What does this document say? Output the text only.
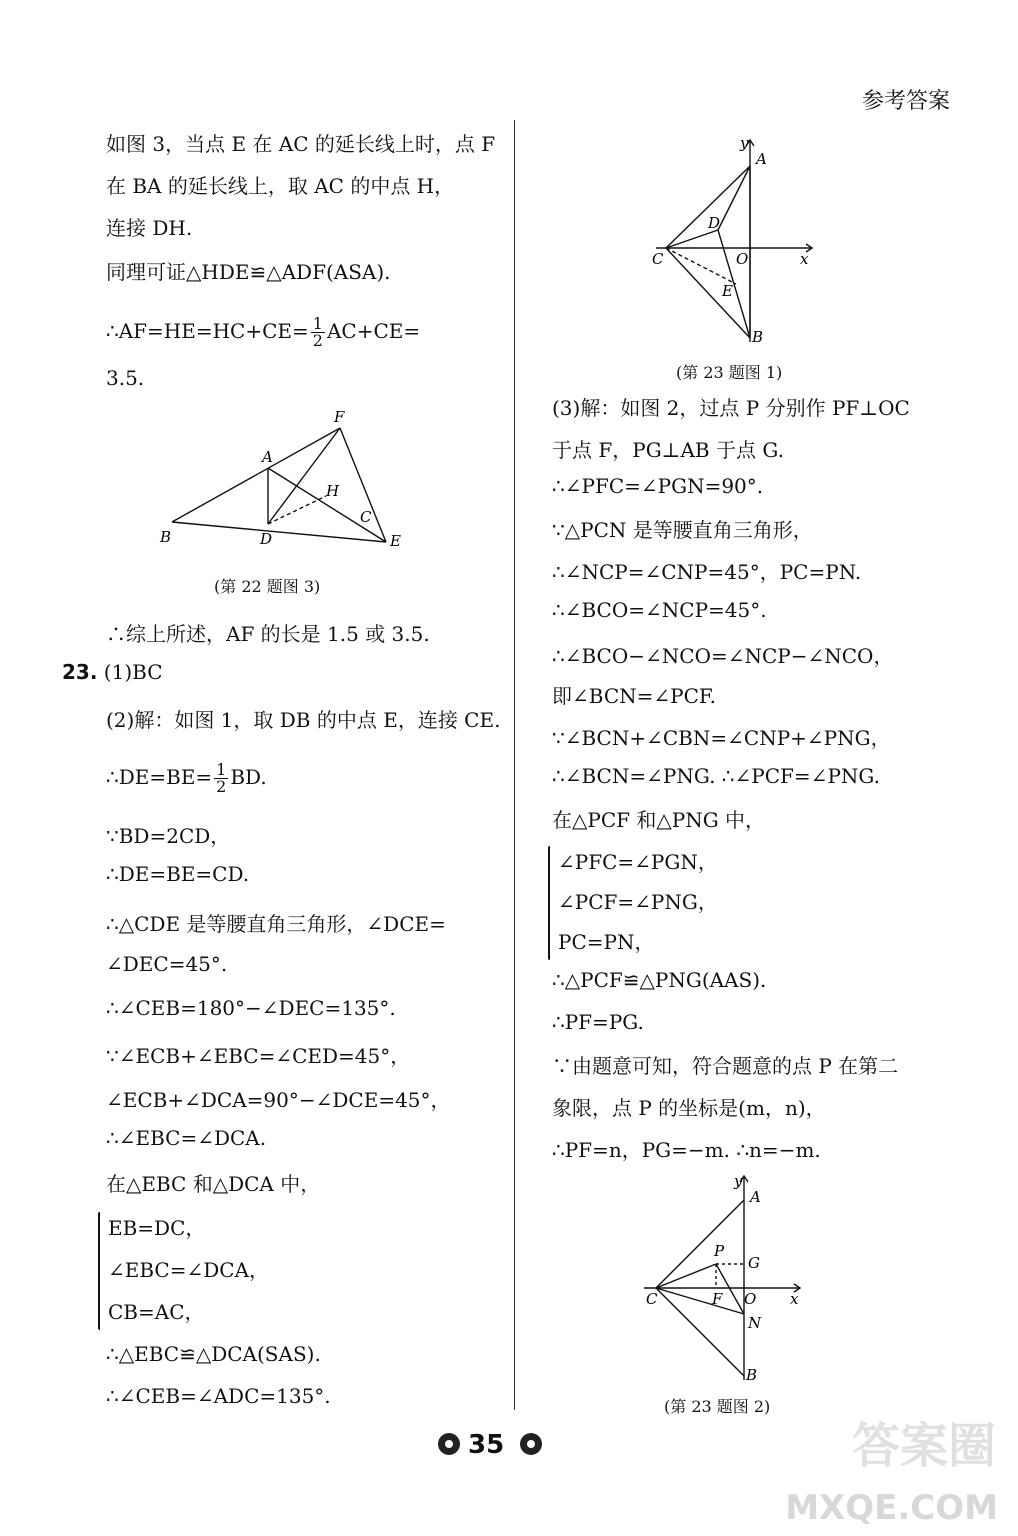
参考答案
如图 3，当点 E 在 AC 的延长线上时，点 F
在 BA 的延长线上，取 AC 的中点 H，
连接 DH.
同理可证△HDE≌△ADF(ASA).
∴AF=HE=HC+CE= $\frac{1}{2} AC+CE=$
3.5.
F
A
H
C
B	D	E
(第 22 题图 3)
∴综上所述，AF 的长是 1.5 或 3.5.
23. (1)BC
(2)解：如图 1，取 DB 的中点 E，连接 CE.
∴DE=BE= $\frac{1}{2}$ BD.
∵BD=2CD，
∴DE=BE=CD.
∴△CDE 是等腰直角三角形，∠DCE=
∠DEC=45°.
∴∠CEB=180°−∠DEC=135°.
∵∠ECB+∠EBC=∠CED=45°，
∠ECB+∠DCA=90°−∠DCE=45°，
∴∠EBC=∠DCA.
在△EBC 和△DCA 中，
EB=DC，
∠EBC=∠DCA，
CB=AC，
∴△EBC≌△DCA(SAS).
∴∠CEB=∠ADC=135°.
y
A
D
C	O	x
E
B
(第 23 题图 1)
(3)解：如图 2，过点 P 分别作 PF⊥OC
于点 F，PG⊥AB 于点 G.
∴∠PFC=∠PGN=90°.
∵△PCN 是等腰直角三角形，
∴∠NCP=∠CNP=45°，PC=PN.
∴∠BCO=∠NCP=45°.
∴∠BCO−∠NCO=∠NCP−∠NCO，
即∠BCN=∠PCF.
∵∠BCN+∠CBN=∠CNP+∠PNG，
∴∠BCN=∠PNG. ∴∠PCF=∠PNG.
在△PCF 和△PNG 中，
∠PFC=∠PGN，
∠PCF=∠PNG，
PC=PN，
∴△PCF≌△PNG(AAS).
∴PF=PG.
∵由题意可知，符合题意的点 P 在第二
象限，点 P 的坐标是(m，n)，
∴PF=n，PG=−m. ∴n=−m.
y
A
P
G
C	F O x
N
B
(第 23 题图 2)
35	答案圈
MXQE.COM
